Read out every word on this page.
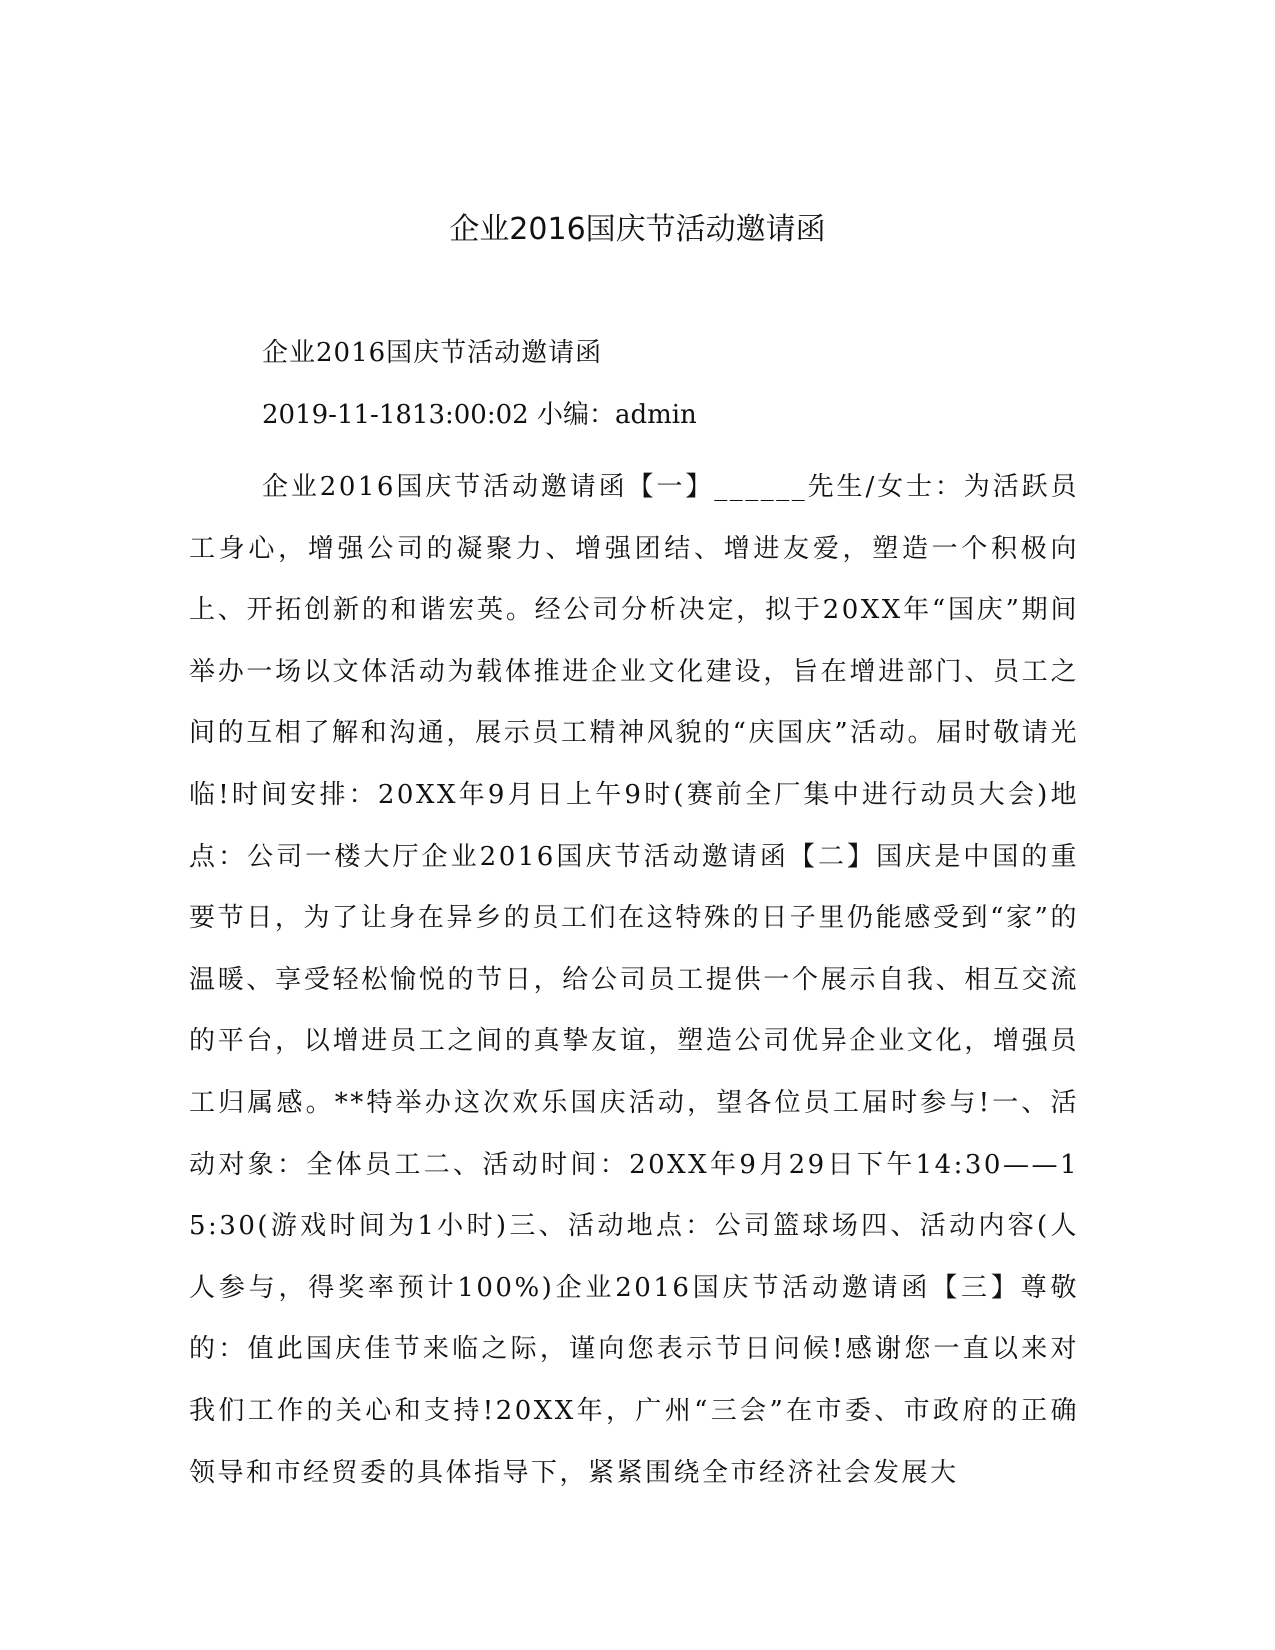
企业2016国庆节活动邀请函

企业2016国庆节活动邀请函

2019-11-1813:00:02 小编：admin

企业2016国庆节活动邀请函【一】______先生/女士：为活跃员工身心，增强公司的凝聚力、增强团结、增进友爱，塑造一个积极向上、开拓创新的和谐宏英。经公司分析决定，拟于20XX年“国庆”期间举办一场以文体活动为载体推进企业文化建设，旨在增进部门、员工之间的互相了解和沟通，展示员工精神风貌的“庆国庆”活动。届时敬请光临!时间安排：20XX年9月日上午9时(赛前全厂集中进行动员大会)地点：公司一楼大厅企业2016国庆节活动邀请函【二】国庆是中国的重要节日，为了让身在异乡的员工们在这特殊的日子里仍能感受到“家”的温暖、享受轻松愉悦的节日，给公司员工提供一个展示自我、相互交流的平台，以增进员工之间的真挚友谊，塑造公司优异企业文化，增强员工归属感。**特举办这次欢乐国庆活动，望各位员工届时参与!一、活动对象：全体员工二、活动时间：20XX年9月29日下午14:30——15:30(游戏时间为1小时)三、活动地点：公司篮球场四、活动内容(人人参与，得奖率预计100%)企业2016国庆节活动邀请函【三】尊敬的：值此国庆佳节来临之际，谨向您表示节日问候!感谢您一直以来对我们工作的关心和支持!20XX年，广州“三会”在市委、市政府的正确领导和市经贸委的具体指导下，紧紧围绕全市经济社会发展大
